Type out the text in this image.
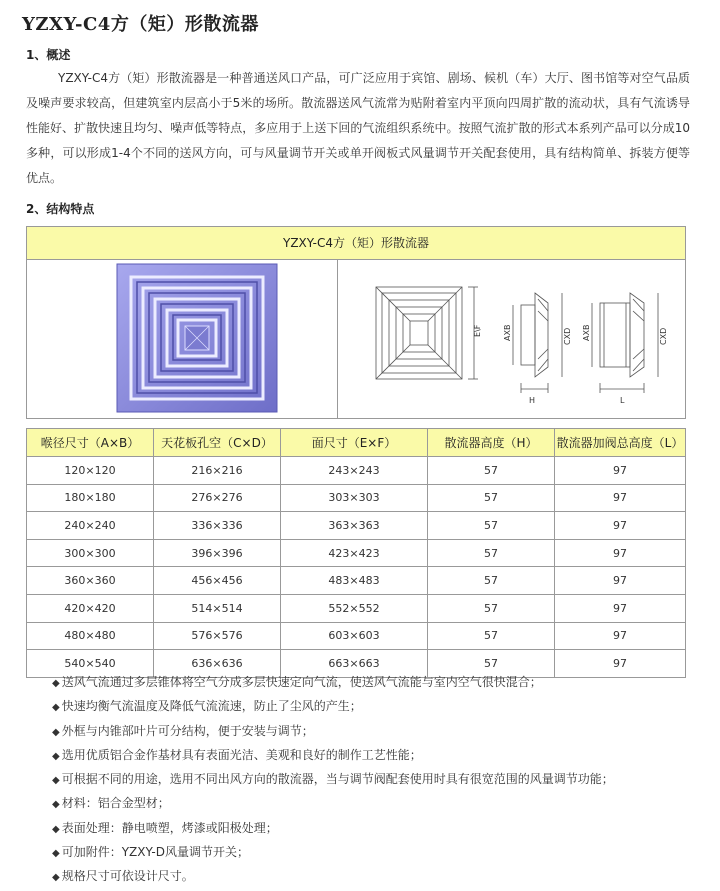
YZXY-C4方（矩）形散流器
1、概述
YZXY-C4方（矩）形散流器是一种普通送风口产品，可广泛应用于宾馆、剧场、候机（车）大厅、图书馆等对空气品质及噪声要求较高，但建筑室内层高小于5米的场所。散流器送风气流常为贴附着室内平顶向四周扩散的流动状，具有气流诱导性能好、扩散快速且均匀、噪声低等特点，多应用于上送下回的气流组织系统中。按照气流扩散的形式本系列产品可以分成10多种，可以形成1-4个不同的送风方向，可与风量调节开关或单开阀板式风量调节开关配套使用，具有结构简单、拆装方便等优点。
2、结构特点
YZXY-C4方（矩）形散流器
E\F	AXB	CXD
H
AXB	CXD
L
喉径尺寸（A×B）	天花板孔空（C×D）	面尺寸（E×F）	散流器高度（H）	散流器加阀总高度（L）
120×120	216×216	243×243	57	97
180×180	276×276	303×303	57	97
240×240	336×336	363×363	57	97
300×300	396×396	423×423	57	97
360×360	456×456	483×483	57	97
420×420	514×514	552×552	57	97
480×480	576×576	603×603	57	97
540×540	636×636	663×663	57	97
◆ 送风气流通过多层锥体将空气分成多层快速定向气流，使送风气流能与室内空气很快混合；
◆ 快速均衡气流温度及降低气流流速，防止了尘风的产生；
◆ 外框与内锥部叶片可分结构，便于安装与调节；
◆ 选用优质铝合金作基材具有表面光洁、美观和良好的制作工艺性能；
◆ 可根据不同的用途，选用不同出风方向的散流器，当与调节阀配套使用时具有很宽范围的风量调节功能；
◆ 材料：铝合金型材；
◆ 表面处理：静电喷塑，烤漆或阳极处理；
◆ 可加附件：YZXY-D风量调节开关；
◆ 规格尺寸可依设计尺寸。
